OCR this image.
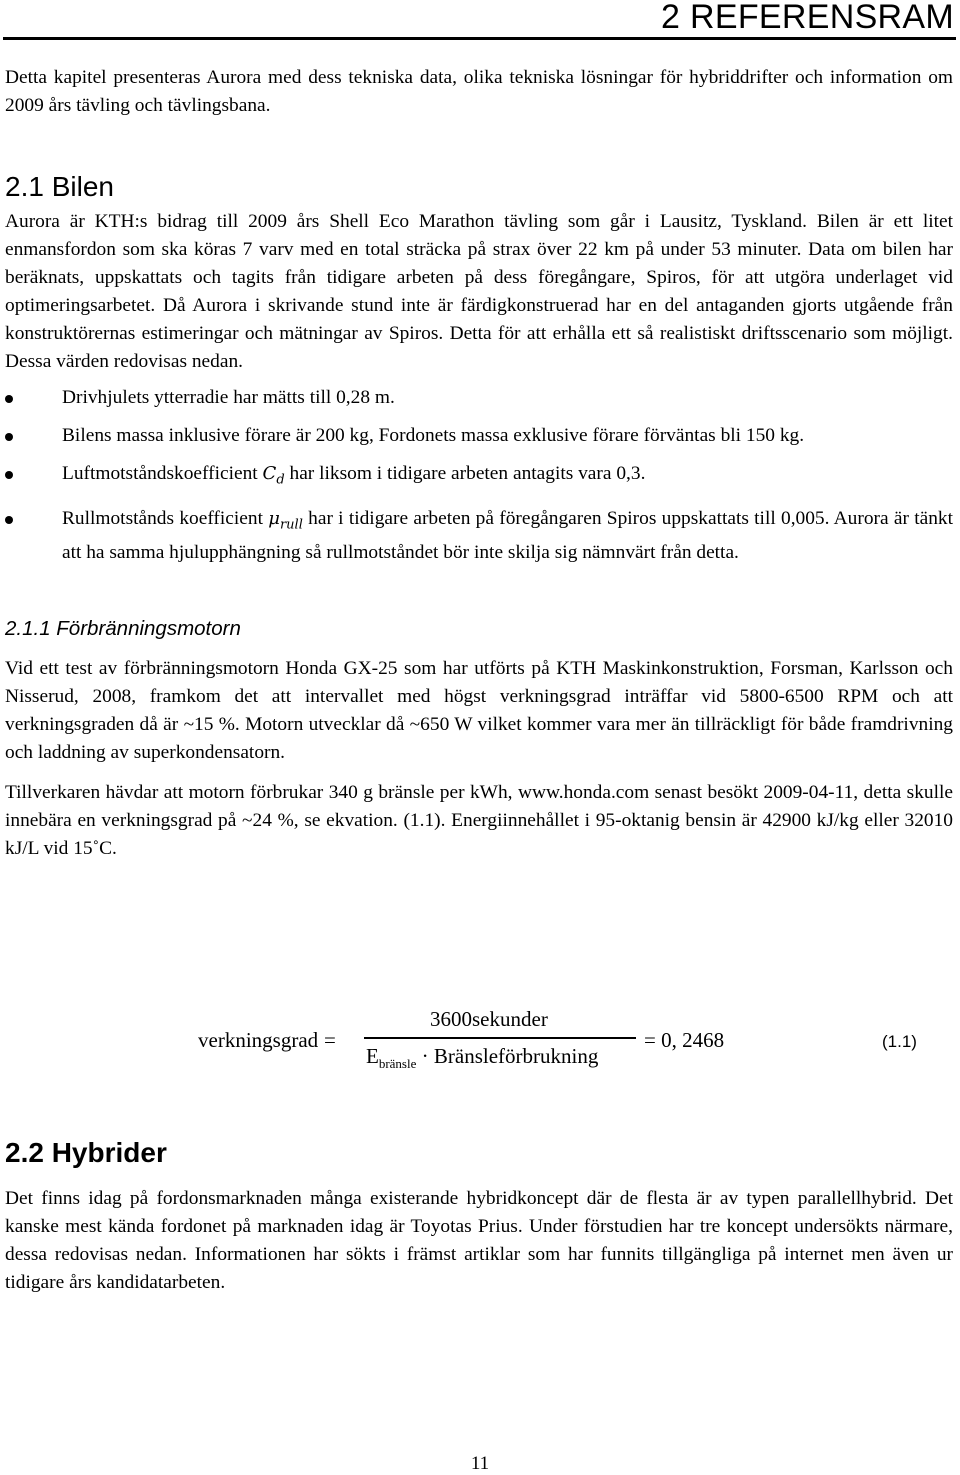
2 REFERENSRAM

Detta kapitel presenteras Aurora med dess tekniska data, olika tekniska lösningar för hybriddrifter och information om 2009 års tävling och tävlingsbana.

2.1 Bilen

Aurora är KTH:s bidrag till 2009 års Shell Eco Marathon tävling som går i Lausitz, Tyskland. Bilen är ett litet enmansfordon som ska köras 7 varv med en total sträcka på strax över 22 km på under 53 minuter. Data om bilen har beräknats, uppskattats och tagits från tidigare arbeten på dess föregångare, Spiros, för att utgöra underlaget vid optimeringsarbetet. Då Aurora i skrivande stund inte är färdigkonstruerad har en del antaganden gjorts utgående från konstruktörernas estimeringar och mätningar av Spiros. Detta för att erhålla ett så realistiskt driftsscenario som möjligt. Dessa värden redovisas nedan.

Drivhjulets ytterradie har mätts till 0,28 m.
Bilens massa inklusive förare är 200 kg, Fordonets massa exklusive förare förväntas bli 150 kg.
Luftmotståndskoefficient $C_d$ har liksom i tidigare arbeten antagits vara 0,3.
Rullmotstånds koefficient $\mu_{rull}$ har i tidigare arbeten på föregångaren Spiros uppskattats till 0,005. Aurora är tänkt att ha samma hjulupphängning så rullmotståndet bör inte skilja sig nämnvärt från detta.
2.1.1 Förbränningsmotorn

Vid ett test av förbränningsmotorn Honda GX-25 som har utförts på KTH Maskinkonstruktion, Forsman, Karlsson och Nisserud, 2008, framkom det att intervallet med högst verkningsgrad inträffar vid 5800-6500 RPM och att verkningsgraden då är ~15 %. Motorn utvecklar då ~650 W vilket kommer vara mer än tillräckligt för både framdrivning och laddning av superkondensatorn.

Tillverkaren hävdar att motorn förbrukar 340 g bränsle per kWh, www.honda.com senast besökt 2009-04-11, detta skulle innebära en verkningsgrad på ~24 %, se ekvation. (1.1). Energiinnehållet i 95-oktanig bensin är 42900 kJ/kg eller 32010 kJ/L vid 15˚C.

verkningsgrad =
3600sekunder
$E_{bränsle}$ · Bränsleförbrukning
= 0, 2468	(1.1)
2.2 Hybrider

Det finns idag på fordonsmarknaden många existerande hybridkoncept där de flesta är av typen parallellhybrid. Det kanske mest kända fordonet på marknaden idag är Toyotas Prius. Under förstudien har tre koncept undersökts närmare, dessa redovisas nedan. Informationen har sökts i främst artiklar som har funnits tillgängliga på internet men även ur tidigare års kandidatarbeten.

11
